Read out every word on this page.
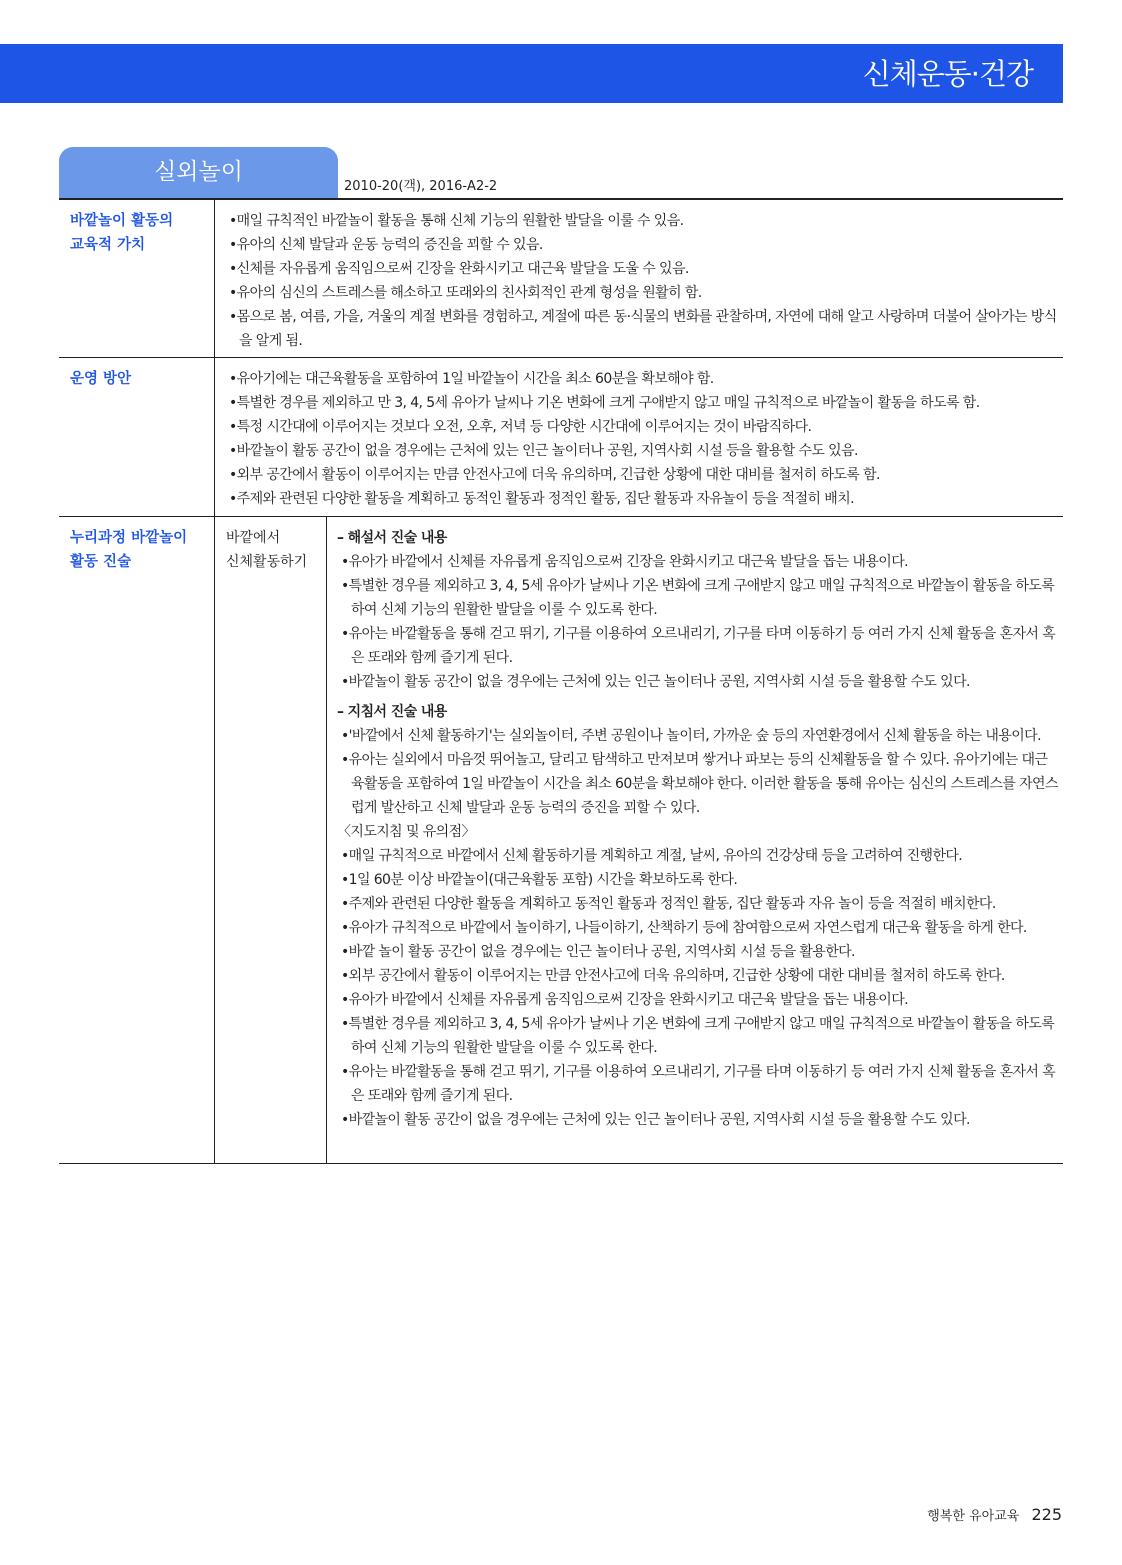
신체운동·건강
실외놀이
2010-20(객), 2016-A2-2
바깥놀이 활동의
교육적 가치

•매일 규칙적인 바깥놀이 활동을 통해 신체 기능의 원활한 발달을 이룰 수 있음.

•유아의 신체 발달과 운동 능력의 증진을 꾀할 수 있음.

•신체를 자유롭게 움직임으로써 긴장을 완화시키고 대근육 발달을 도울 수 있음.

•유아의 심신의 스트레스를 해소하고 또래와의 친사회적인 관계 형성을 원활히 함.

•몸으로 봄, 여름, 가을, 겨울의 계절 변화를 경험하고, 계절에 따른 동·식물의 변화를 관찰하며, 자연에 대해 알고 사랑하며 더불어 살아가는 방식을 알게 됨.

운영 방안	•유아기에는 대근육활동을 포함하여 1일 바깥놀이 시간을 최소 60분을 확보해야 함.

•특별한 경우를 제외하고 만 3, 4, 5세 유아가 날씨나 기온 변화에 크게 구애받지 않고 매일 규칙적으로 바깥놀이 활동을 하도록 함.

•특정 시간대에 이루어지는 것보다 오전, 오후, 저녁 등 다양한 시간대에 이루어지는 것이 바람직하다.

•바깥놀이 활동 공간이 없을 경우에는 근처에 있는 인근 놀이터나 공원, 지역사회 시설 등을 활용할 수도 있음.

•외부 공간에서 활동이 이루어지는 만큼 안전사고에 더욱 유의하며, 긴급한 상황에 대한 대비를 철저히 하도록 함.

•주제와 관련된 다양한 활동을 계획하고 동적인 활동과 정적인 활동, 집단 활동과 자유놀이 등을 적절히 배치.

누리과정 바깥놀이
활동 진술
바깥에서
신체활동하기

– 해설서 진술 내용

•유아가 바깥에서 신체를 자유롭게 움직임으로써 긴장을 완화시키고 대근육 발달을 돕는 내용이다.

•특별한 경우를 제외하고 3, 4, 5세 유아가 날씨나 기온 변화에 크게 구애받지 않고 매일 규칙적으로 바깥놀이 활동을 하도록 하여 신체 기능의 원활한 발달을 이룰 수 있도록 한다.

•유아는 바깥활동을 통해 걷고 뛰기, 기구를 이용하여 오르내리기, 기구를 타며 이동하기 등 여러 가지 신체 활동을 혼자서 혹은 또래와 함께 즐기게 된다.

•바깥놀이 활동 공간이 없을 경우에는 근처에 있는 인근 놀이터나 공원, 지역사회 시설 등을 활용할 수도 있다.

– 지침서 진술 내용

•'바깥에서 신체 활동하기'는 실외놀이터, 주변 공원이나 놀이터, 가까운 숲 등의 자연환경에서 신체 활동을 하는 내용이다.

•유아는 실외에서 마음껏 뛰어놀고, 달리고 탐색하고 만져보며 쌓거나 파보는 등의 신체활동을 할 수 있다. 유아기에는 대근육활동을 포함하여 1일 바깥놀이 시간을 최소 60분을 확보해야 한다. 이러한 활동을 통해 유아는 심신의 스트레스를 자연스럽게 발산하고 신체 발달과 운동 능력의 증진을 꾀할 수 있다.

〈지도지침 및 유의점〉

•매일 규칙적으로 바깥에서 신체 활동하기를 계획하고 계절, 날씨, 유아의 건강상태 등을 고려하여 진행한다.

•1일 60분 이상 바깥놀이(대근육활동 포함) 시간을 확보하도록 한다.

•주제와 관련된 다양한 활동을 계획하고 동적인 활동과 정적인 활동, 집단 활동과 자유 놀이 등을 적절히 배치한다.

•유아가 규칙적으로 바깥에서 놀이하기, 나들이하기, 산책하기 등에 참여함으로써 자연스럽게 대근육 활동을 하게 한다.

•바깥 놀이 활동 공간이 없을 경우에는 인근 놀이터나 공원, 지역사회 시설 등을 활용한다.

•외부 공간에서 활동이 이루어지는 만큼 안전사고에 더욱 유의하며, 긴급한 상황에 대한 대비를 철저히 하도록 한다.

•유아가 바깥에서 신체를 자유롭게 움직임으로써 긴장을 완화시키고 대근육 발달을 돕는 내용이다.

•특별한 경우를 제외하고 3, 4, 5세 유아가 날씨나 기온 변화에 크게 구애받지 않고 매일 규칙적으로 바깥놀이 활동을 하도록 하여 신체 기능의 원활한 발달을 이룰 수 있도록 한다.

•유아는 바깥활동을 통해 걷고 뛰기, 기구를 이용하여 오르내리기, 기구를 타며 이동하기 등 여러 가지 신체 활동을 혼자서 혹은 또래와 함께 즐기게 된다.

•바깥놀이 활동 공간이 없을 경우에는 근처에 있는 인근 놀이터나 공원, 지역사회 시설 등을 활용할 수도 있다.

행복한 유아교육 225
